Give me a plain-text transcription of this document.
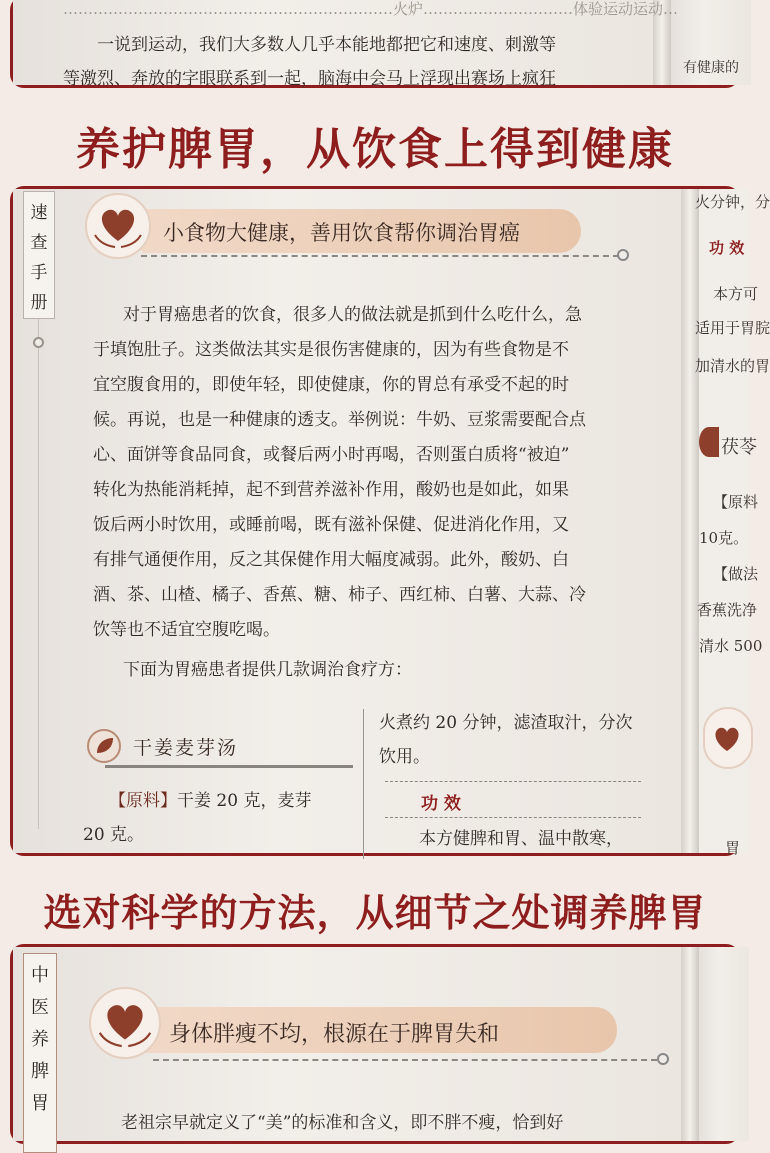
…………………………………………………………火炉…………………………体验运动运动…
一说到运动，我们大多数人几乎本能地都把它和速度、刺激等
等激烈、奔放的字眼联系到一起，脑海中会马上浮现出赛场上疯狂
有健康的
养护脾胃，从饮食上得到健康
速
查
手
册
小食物大健康，善用饮食帮你调治胃癌
对于胃癌患者的饮食，很多人的做法就是抓到什么吃什么，急
于填饱肚子。这类做法其实是很伤害健康的，因为有些食物是不
宜空腹食用的，即使年轻，即使健康，你的胃总有承受不起的时
候。再说，也是一种健康的透支。举例说：牛奶、豆浆需要配合点
心、面饼等食品同食，或餐后两小时再喝，否则蛋白质将“被迫”
转化为热能消耗掉，起不到营养滋补作用，酸奶也是如此，如果
饭后两小时饮用，或睡前喝，既有滋补保健、促进消化作用，又
有排气通便作用，反之其保健作用大幅度减弱。此外，酸奶、白
酒、茶、山楂、橘子、香蕉、糖、柿子、西红柿、白薯、大蒜、冷
饮等也不适宜空腹吃喝。
下面为胃癌患者提供几款调治食疗方：
干姜麦芽汤
【原料】干姜 20 克，麦芽
20 克。
火煮约 20 分钟，滤渣取汁，分次
饮用。
功 效
本方健脾和胃、温中散寒，
火分钟，分
功 效
本方可
适用于胃脘
加清水的胃
茯苓
【原料
10克。
【做法
香蕉洗净
清水 500
胃
选对科学的方法，从细节之处调养脾胃
中
医
养
脾
胃
身体胖瘦不均，根源在于脾胃失和
老祖宗早就定义了“美”的标准和含义，即不胖不瘦，恰到好
